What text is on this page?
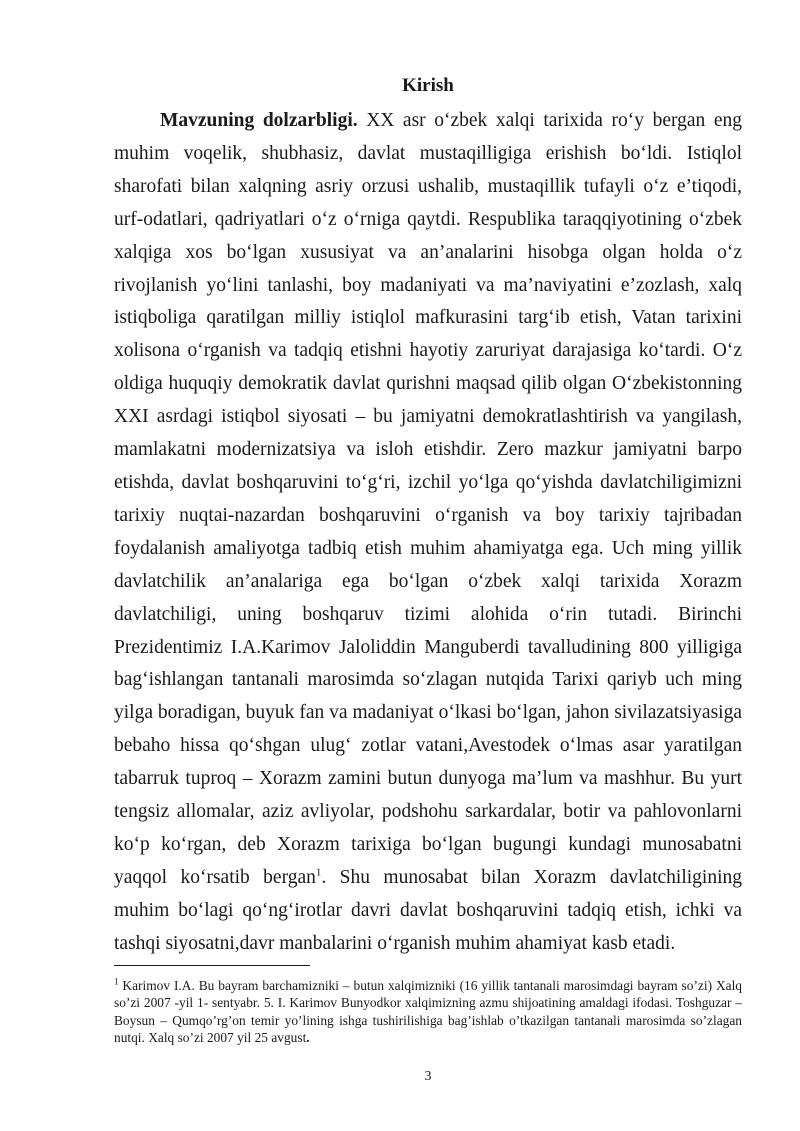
Kirish

Mavzuning dolzarbligi. XX asr o‘zbek xalqi tarixida ro‘y bergan eng muhim voqelik, shubhasiz, davlat mustaqilligiga erishish bo‘ldi. Istiqlol sharofati bilan xalqning asriy orzusi ushalib, mustaqillik tufayli o‘z e’tiqodi, urf-odatlari, qadriyatlari o‘z o‘rniga qaytdi. Respublika taraqqiyotining o‘zbek xalqiga xos bo‘lgan xususiyat va an’analarini hisobga olgan holda o‘z rivojlanish yo‘lini tanlashi, boy madaniyati va ma’naviyatini e’zozlash, xalq istiqboliga qaratilgan milliy istiqlol mafkurasini targ‘ib etish, Vatan tarixini xolisona o‘rganish va tadqiq etishni hayotiy zaruriyat darajasiga ko‘tardi. O‘z oldiga huquqiy demokratik davlat qurishni maqsad qilib olgan O‘zbekistonning XXI asrdagi istiqbol siyosati – bu jamiyatni demokratlashtirish va yangilash, mamlakatni modernizatsiya va isloh etishdir. Zero mazkur jamiyatni barpo etishda, davlat boshqaruvini to‘g‘ri, izchil yo‘lga qo‘yishda davlatchiligimizni tarixiy nuqtai-nazardan boshqaruvini o‘rganish va boy tarixiy tajribadan foydalanish amaliyotga tadbiq etish muhim ahamiyatga ega. Uch ming yillik davlatchilik an’analariga ega bo‘lgan o‘zbek xalqi tarixida Xorazm davlatchiligi, uning boshqaruv tizimi alohida o‘rin tutadi. Birinchi Prezidentimiz I.A.Karimov Jaloliddin Manguberdi tavalludining 800 yilligiga bag‘ishlangan tantanali marosimda so‘zlagan nutqida Tarixi qariyb uch ming yilga boradigan, buyuk fan va madaniyat o‘lkasi bo‘lgan, jahon sivilazatsiyasiga bebaho hissa qo‘shgan ulug‘ zotlar vatani,Avestodek o‘lmas asar yaratilgan tabarruk tuproq – Xorazm zamini butun dunyoga ma’lum va mashhur. Bu yurt tengsiz allomalar, aziz avliyolar, podshohu sarkardalar, botir va pahlovonlarni ko‘p ko‘rgan, deb Xorazm tarixiga bo‘lgan bugungi kundagi munosabatni yaqqol ko‘rsatib bergan$^1$. Shu munosabat bilan Xorazm davlatchiligining muhim bo‘lagi qo‘ng‘irotlar davri davlat boshqaruvini tadqiq etish, ichki va tashqi siyosatni,davr manbalarini o‘rganish muhim ahamiyat kasb etadi.

$^1$ Karimov I.A. Bu bayram barchamizniki – butun xalqimizniki (16 yillik tantanali marosimdagi bayram so’zi) Xalq so’zi 2007 -yil 1- sentyabr. 5. I. Karimov Bunyodkor xalqimizning azmu shijoatining amaldagi ifodasi. Toshguzar – Boysun – Qumqo’rg’on temir yo’lining ishga tushirilishiga bag’ishlab o’tkazilgan tantanali marosimda so’zlagan nutqi. Xalq so’zi 2007 yil 25 avgust.

3
